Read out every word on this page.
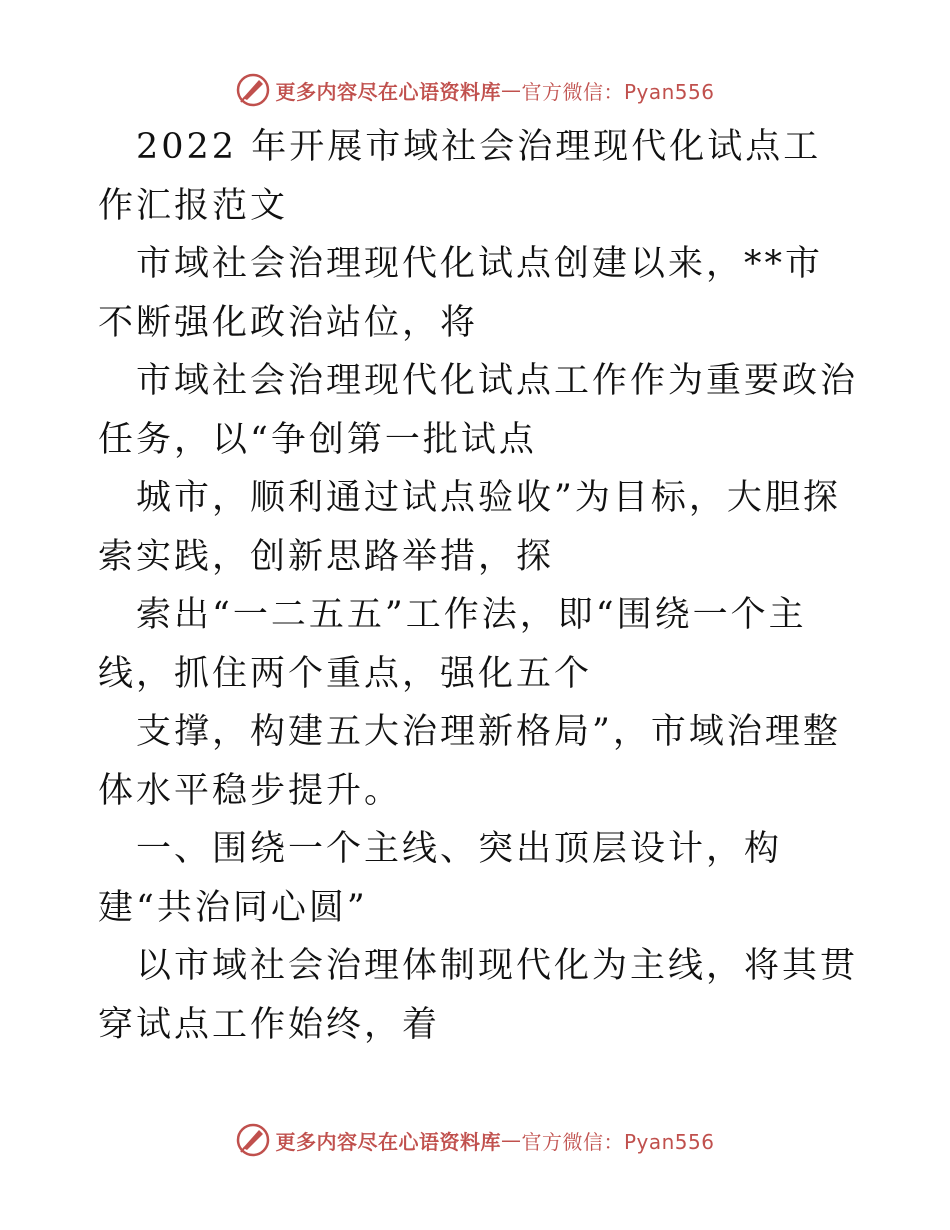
更多内容尽在心语资料库 — 官方微信：Pyan556

2022 年开展市域社会治理现代化试点工作汇报范文

市域社会治理现代化试点创建以来，**市不断强化政治站位，将

市域社会治理现代化试点工作作为重要政治任务，以“争创第一批试点

城市，顺利通过试点验收”为目标，大胆探索实践，创新思路举措，探

索出“一二五五”工作法，即“围绕一个主线，抓住两个重点，强化五个

支撑，构建五大治理新格局”，市域治理整体水平稳步提升。

一、围绕一个主线、突出顶层设计，构建“共治同心圆”

以市域社会治理体制现代化为主线，将其贯穿试点工作始终，着

更多内容尽在心语资料库 — 官方微信：Pyan556
